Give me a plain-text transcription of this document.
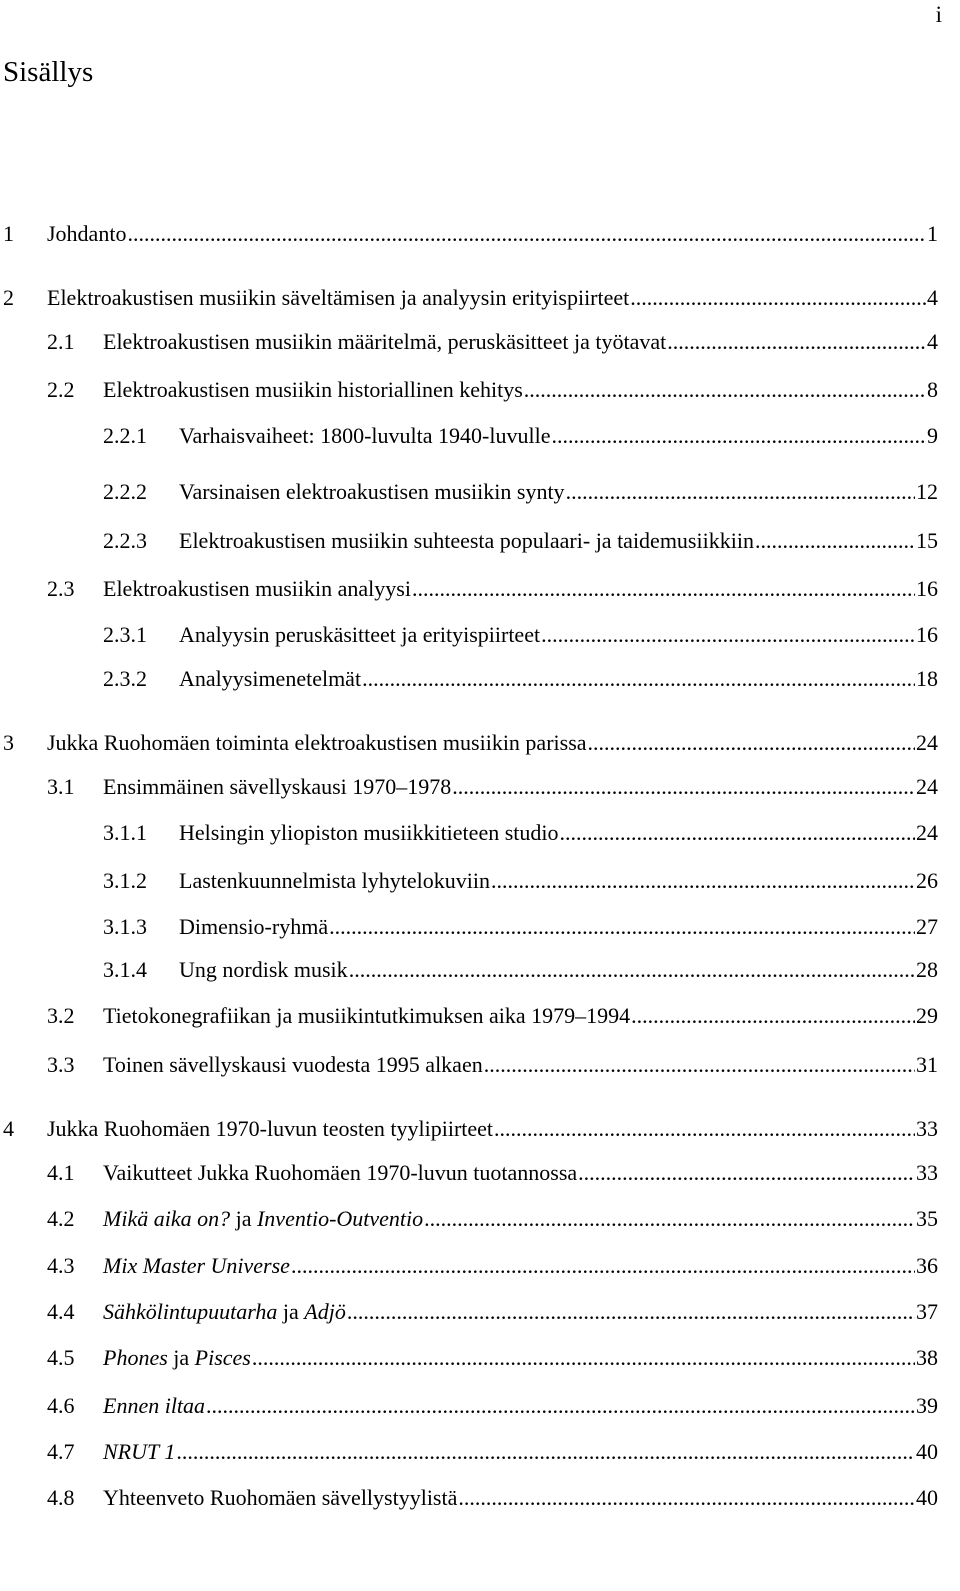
i
Sisällys
1	Johdanto .....	1
2	Elektroakustisen musiikin säveltämisen ja analyysin erityispiirteet .....	4
2.1	Elektroakustisen musiikin määritelmä, peruskäsitteet ja työtavat .....	4
2.2	Elektroakustisen musiikin historiallinen kehitys .....	8
2.2.1	Varhaisvaiheet: 1800-luvulta 1940-luvulle .....	9
2.2.2	Varsinaisen elektroakustisen musiikin synty .....	12
2.2.3	Elektroakustisen musiikin suhteesta populaari- ja taidemusiikkiin .....	15
2.3	Elektroakustisen musiikin analyysi .....	16
2.3.1	Analyysin peruskäsitteet ja erityispiirteet .....	16
2.3.2	Analyysimenetelmät .....	18
3	Jukka Ruohomäen toiminta elektroakustisen musiikin parissa .....	24
3.1	Ensimmäinen sävellyskausi 1970–1978 .....	24
3.1.1	Helsingin yliopiston musiikkitieteen studio .....	24
3.1.2	Lastenkuunnelmista lyhytelokuviin .....	26
3.1.3	Dimensio-ryhmä .....	27
3.1.4	Ung nordisk musik .....	28
3.2	Tietokonegrafiikan ja musiikintutkimuksen aika 1979–1994 .....	29
3.3	Toinen sävellyskausi vuodesta 1995 alkaen .....	31
4	Jukka Ruohomäen 1970-luvun teosten tyylipiirteet .....	33
4.1	Vaikutteet Jukka Ruohomäen 1970-luvun tuotannossa .....	33
4.2	Mikä aika on? ja Inventio-Outventio .....	35
4.3	Mix Master Universe .....	36
4.4	Sähkölintupuutarha ja Adjö .....	37
4.5	Phones ja Pisces .....	38
4.6	Ennen iltaa .....	39
4.7	NRUT 1 .....	40
4.8	Yhteenveto Ruohomäen sävellystyylistä .....	40
